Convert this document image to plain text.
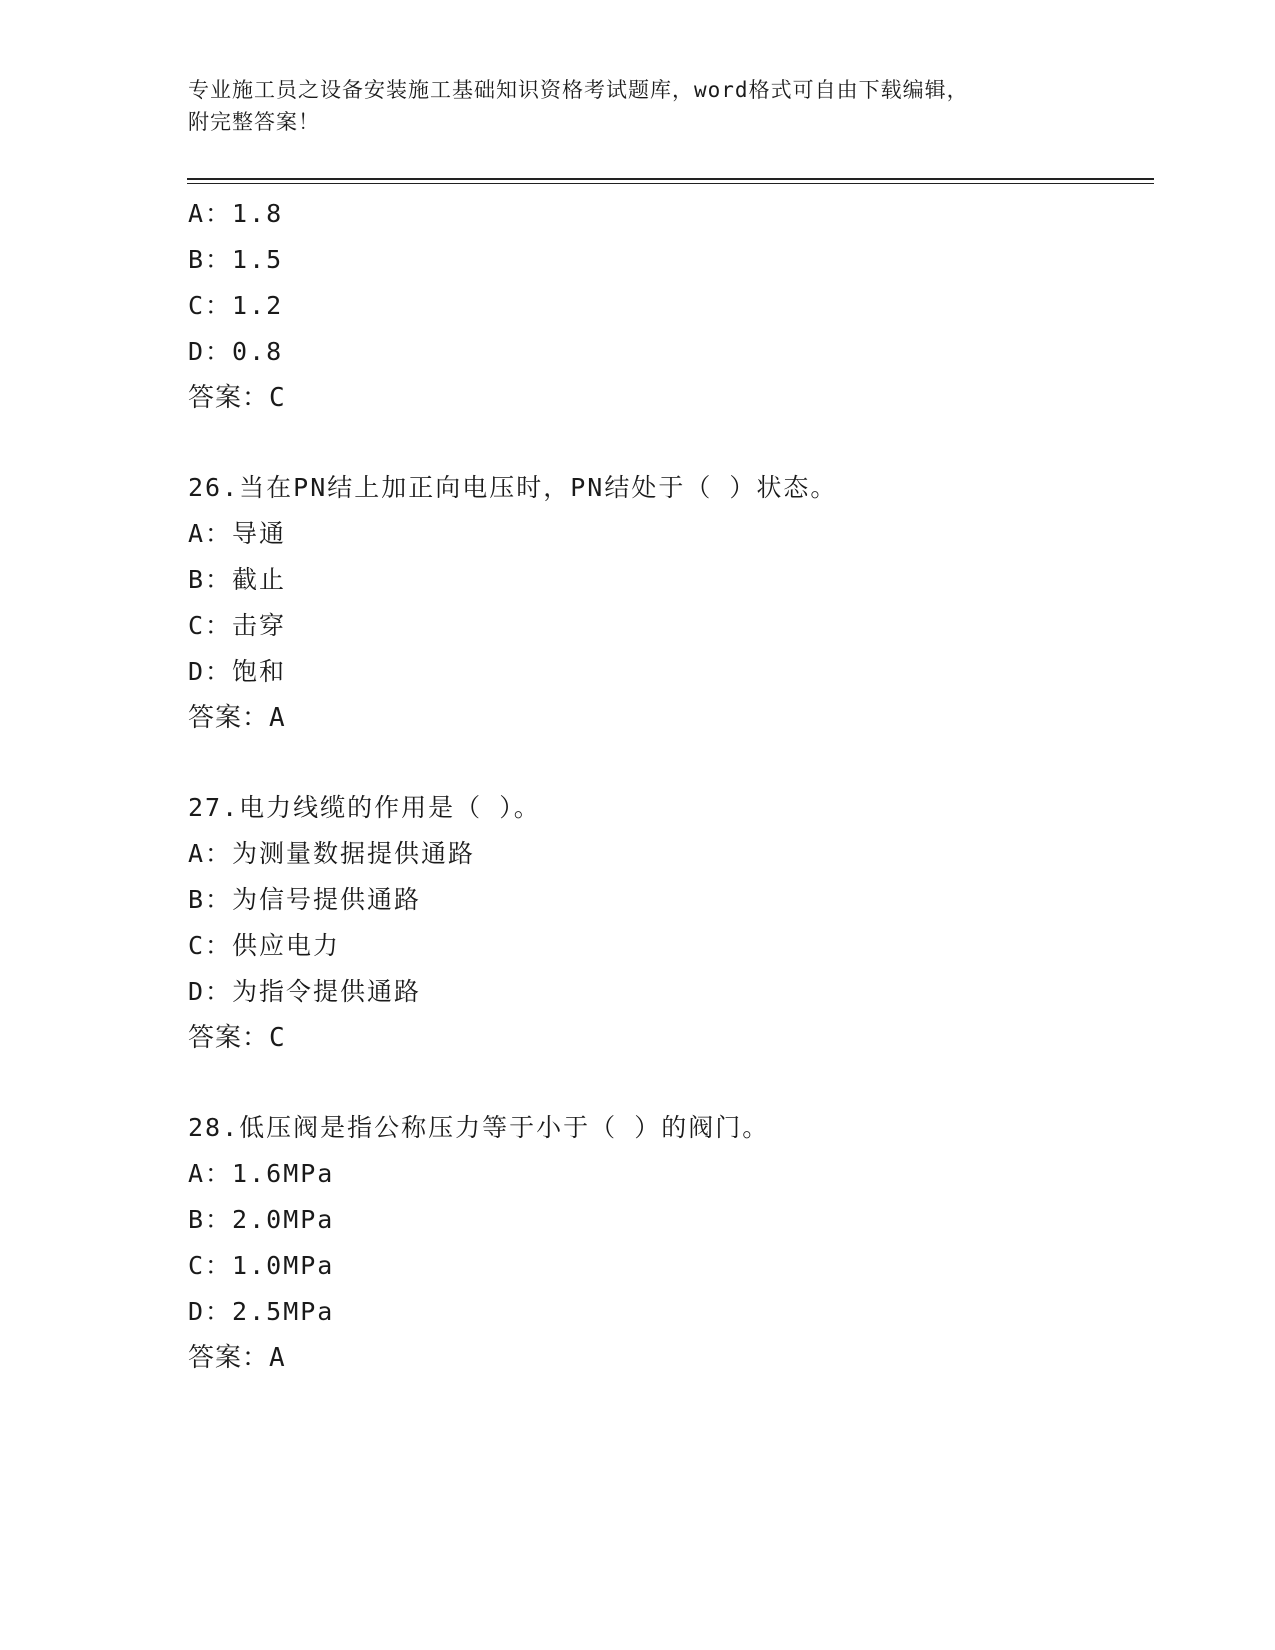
专业施工员之设备安装施工基础知识资格考试题库，word格式可自由下载编辑，
附完整答案！
A：1.8
B：1.5
C：1.2
D：0.8
答案：C
26.当在PN结上加正向电压时，PN结处于（ ）状态。
A：导通
B：截止
C：击穿
D：饱和
答案：A
27.电力线缆的作用是（ ）。
A：为测量数据提供通路
B：为信号提供通路
C：供应电力
D：为指令提供通路
答案：C
28.低压阀是指公称压力等于小于（ ）的阀门。
A：1.6MPa
B：2.0MPa
C：1.0MPa
D：2.5MPa
答案：A
